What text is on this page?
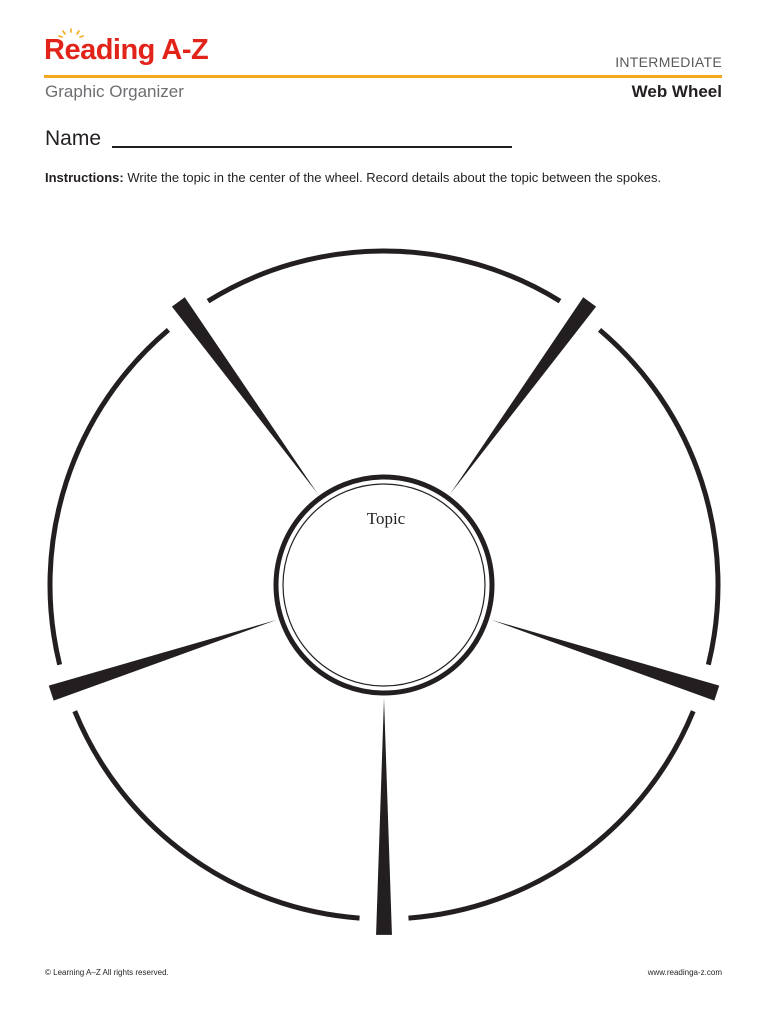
Reading A-Z	INTERMEDIATE
Graphic Organizer	Web Wheel
Name
Instructions: Write the topic in the center of the wheel. Record details about the topic between the spokes.
Topic
© Learning A–Z All rights reserved.	www.readinga-z.com
